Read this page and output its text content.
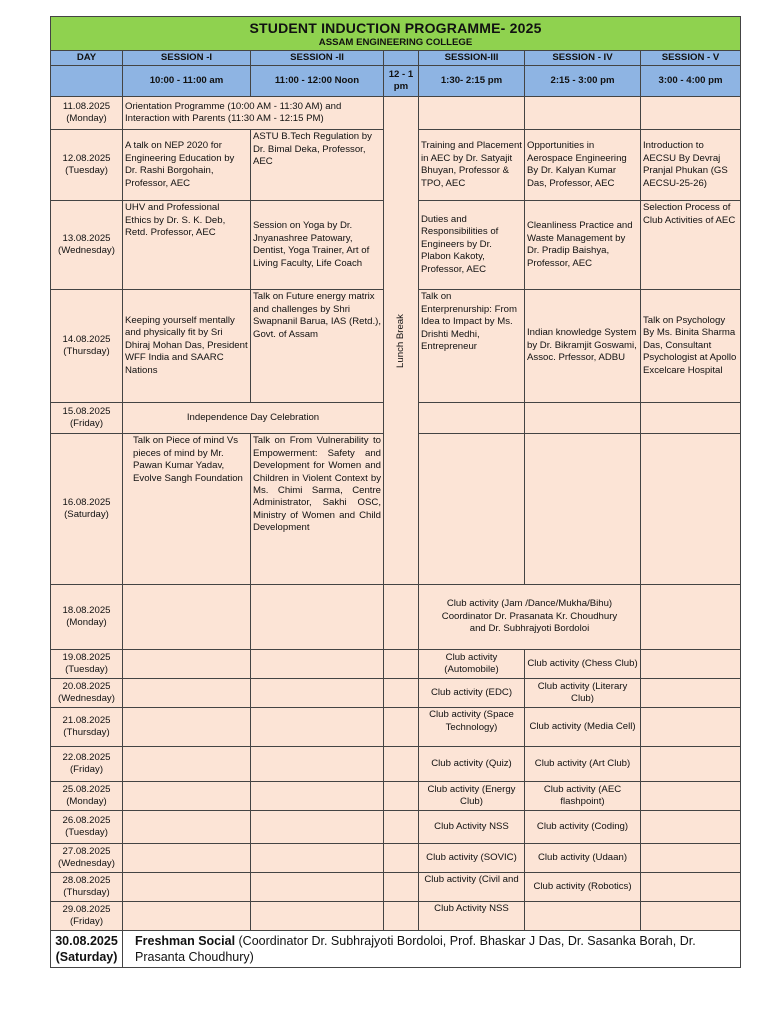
STUDENT INDUCTION PROGRAMME- 2025
ASSAM ENGINEERING COLLEGE						

DAY	SESSION -I	SESSION -II		SESSION-III	SESSION - IV	SESSION - V
	10:00 - 11:00 am	11:00 - 12:00 Noon	12 - 1 pm	1:30- 2:15 pm	2:15 - 3:00 pm	3:00 - 4:00 pm
11.08.2025
(Monday)	Orientation Programme (10:00 AM - 11:30 AM) and Interaction with Parents (11:30 AM - 12:15 PM)		Lunch Break			

12.08.2025
(Tuesday)	A talk on NEP 2020 for Engineering Education by Dr. Rashi Borgohain, Professor, AEC	ASTU B.Tech Regulation by Dr. Bimal Deka, Professor, AEC		Training and Placement in AEC by Dr. Satyajit Bhuyan, Professor & TPO, AEC	Opportunities in Aerospace Engineering By Dr. Kalyan Kumar Das, Professor, AEC	Introduction to AECSU By Devraj Pranjal Phukan (GS AECSU-25-26)
13.08.2025
(Wednesday)	UHV and Professional Ethics by Dr. S. K. Deb, Retd. Professor, AEC	Session on Yoga by Dr. Jnyanashree Patowary, Dentist, Yoga Trainer, Art of Living Faculty, Life Coach		Duties and Responsibilities of Engineers by Dr. Plabon Kakoty, Professor, AEC	Cleanliness Practice and Waste Management by Dr. Pradip Baishya, Professor, AEC	Selection Process of Club Activities of AEC
14.08.2025
(Thursday)	Keeping yourself mentally and physically fit by Sri Dhiraj Mohan Das, President WFF India and SAARC Nations	Talk on Future energy matrix and challenges by Shri Swapnanil Barua, IAS (Retd.), Govt. of Assam		Talk on Enterprenurship: From Idea to Impact by Ms. Drishti Medhi, Entrepreneur	Indian knowledge System by Dr. Bikramjit Goswami, Assoc. Prfessor, ADBU	Talk on Psychology By Ms. Binita Sharma Das, Consultant Psychologist at Apollo Excelcare Hospital
15.08.2025
(Friday)	Independence Day Celebration					
16.08.2025
(Saturday)	Talk on Piece of mind Vs pieces of mind by Mr. Pawan Kumar Yadav, Evolve Sangh Foundation	Talk on From Vulnerability to Empowerment: Safety and Development for Women and Children in Violent Context by Ms. Chimi Sarma, Centre Administrator, Sakhi OSC, Ministry of Women and Child Development				
18.08.2025
(Monday)				Club activity (Jam /Dance/Mukha/Bihu) Coordinator Dr. Prasanata Kr. Choudhury and Dr. Subhrajyoti Bordoloi		
19.08.2025
(Tuesday)				Club activity (Automobile)	Club activity (Chess Club)	
20.08.2025
(Wednesday)				Club activity (EDC)	Club activity (Literary Club)	
21.08.2025
(Thursday)				Club activity (Space Technology)	Club activity (Media Cell)	
22.08.2025
(Friday)				Club activity (Quiz)	Club activity (Art Club)	
25.08.2025
(Monday)				Club activity (Energy Club)	Club activity (AEC flashpoint)	
26.08.2025
(Tuesday)				Club Activity NSS	Club activity (Coding)	
27.08.2025
(Wednesday)				Club activity (SOVIC)	Club activity (Udaan)	
28.08.2025
(Thursday)				Club activity (Civil and	Club activity (Robotics)	
29.08.2025
(Friday)				Club Activity NSS		
30.08.2025
(Saturday)	Freshman Social (Coordinator Dr. Subhrajyoti Bordoloi, Prof. Bhaskar J Das, Dr. Sasanka Borah, Dr. Prasanta Choudhury)					
